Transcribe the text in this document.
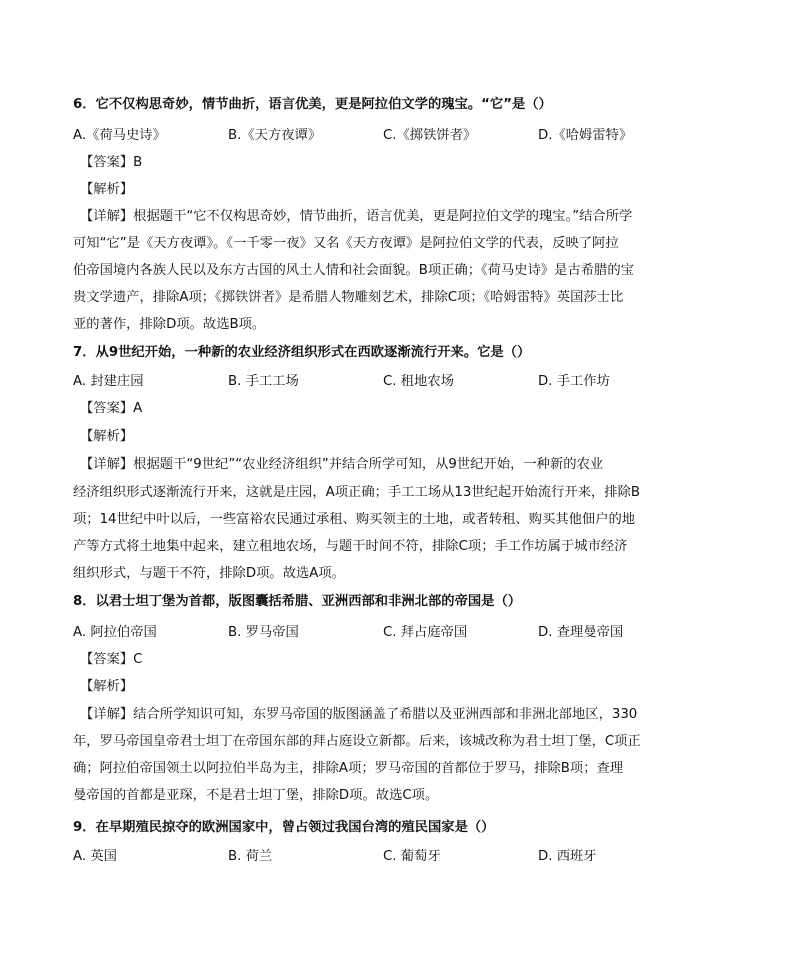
6．它不仅构思奇妙，情节曲折，语言优美，更是阿拉伯文学的瑰宝。“它”是（）
A.《荷马史诗》	B.《天方夜谭》	C.《掷铁饼者》	D.《哈姆雷特》
【答案】B
【解析】
【详解】根据题干“它不仅构思奇妙，情节曲折，语言优美，更是阿拉伯文学的瑰宝。”结合所学
可知“它”是《天方夜谭》。《一千零一夜》又名《天方夜谭》是阿拉伯文学的代表，反映了阿拉
伯帝国境内各族人民以及东方古国的风土人情和社会面貌。B项正确；《荷马史诗》是古希腊的宝
贵文学遗产，排除A项；《掷铁饼者》是希腊人物雕刻艺术，排除C项；《哈姆雷特》英国莎士比
亚的著作，排除D项。故选B项。
7．从9世纪开始，一种新的农业经济组织形式在西欧逐渐流行开来。它是（）
A. 封建庄园	B. 手工工场	C. 租地农场	D. 手工作坊
【答案】A
【解析】
【详解】根据题干“9世纪”“农业经济组织”并结合所学可知，从9世纪开始，一种新的农业
经济组织形式逐渐流行开来，这就是庄园，A项正确；手工工场从13世纪起开始流行开来，排除B
项；14世纪中叶以后，一些富裕农民通过承租、购买领主的土地，或者转租、购买其他佃户的地
产等方式将土地集中起来，建立租地农场，与题干时间不符，排除C项；手工作坊属于城市经济
组织形式，与题干不符，排除D项。故选A项。
8．以君士坦丁堡为首都，版图囊括希腊、亚洲西部和非洲北部的帝国是（）
A. 阿拉伯帝国	B. 罗马帝国	C. 拜占庭帝国	D. 查理曼帝国
【答案】C
【解析】
【详解】结合所学知识可知，东罗马帝国的版图涵盖了希腊以及亚洲西部和非洲北部地区，330
年，罗马帝国皇帝君士坦丁在帝国东部的拜占庭设立新都。后来，该城改称为君士坦丁堡，C项正
确；阿拉伯帝国领土以阿拉伯半岛为主，排除A项；罗马帝国的首都位于罗马，排除B项；查理
曼帝国的首都是亚琛，不是君士坦丁堡，排除D项。故选C项。
9．在早期殖民掠夺的欧洲国家中，曾占领过我国台湾的殖民国家是（）
A. 英国	B. 荷兰	C. 葡萄牙	D. 西班牙
